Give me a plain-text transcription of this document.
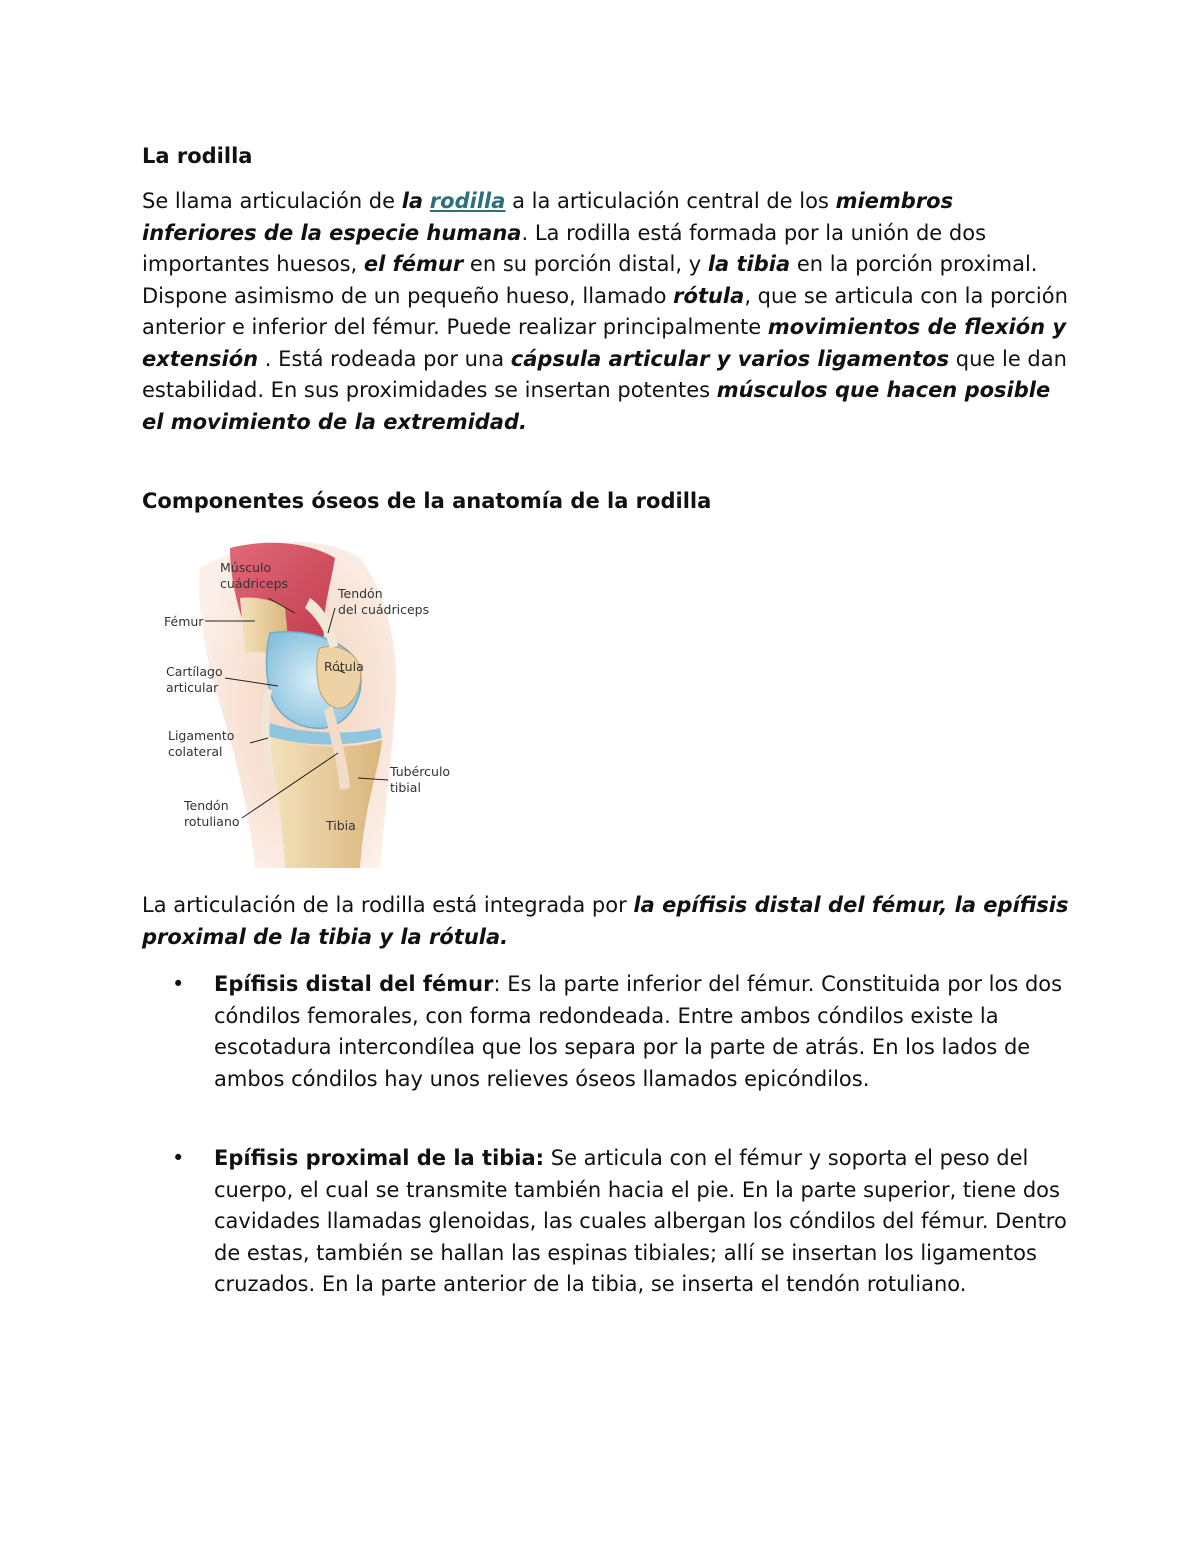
La rodilla

Se llama articulación de la rodilla a la articulación central de los miembros inferiores de la especie humana. La rodilla está formada por la unión de dos importantes huesos, el fémur en su porción distal, y la tibia en la porción proximal. Dispone asimismo de un pequeño hueso, llamado rótula, que se articula con la porción anterior e inferior del fémur. Puede realizar principalmente movimientos de flexión y extensión . Está rodeada por una cápsula articular y varios ligamentos que le dan estabilidad. En sus proximidades se insertan potentes músculos que hacen posible el movimiento de la extremidad.

Componentes óseos de la anatomía de la rodilla

Músculo
cuádriceps
Fémur
Tendón
del cuádriceps
Cartílago
articular
Rótula
Ligamento
colateral
Tubérculo
tibial
Tendón
rotuliano	Tibia

La articulación de la rodilla está integrada por la epífisis distal del fémur, la epífisis proximal de la tibia y la rótula.

• Epífisis distal del fémur: Es la parte inferior del fémur. Constituida por los dos cóndilos femorales, con forma redondeada. Entre ambos cóndilos existe la escotadura intercondílea que los separa por la parte de atrás. En los lados de ambos cóndilos hay unos relieves óseos llamados epicóndilos.
• Epífisis proximal de la tibia: Se articula con el fémur y soporta el peso del cuerpo, el cual se transmite también hacia el pie. En la parte superior, tiene dos cavidades llamadas glenoidas, las cuales albergan los cóndilos del fémur. Dentro de estas, también se hallan las espinas tibiales; allí se insertan los ligamentos cruzados. En la parte anterior de la tibia, se inserta el tendón rotuliano.
